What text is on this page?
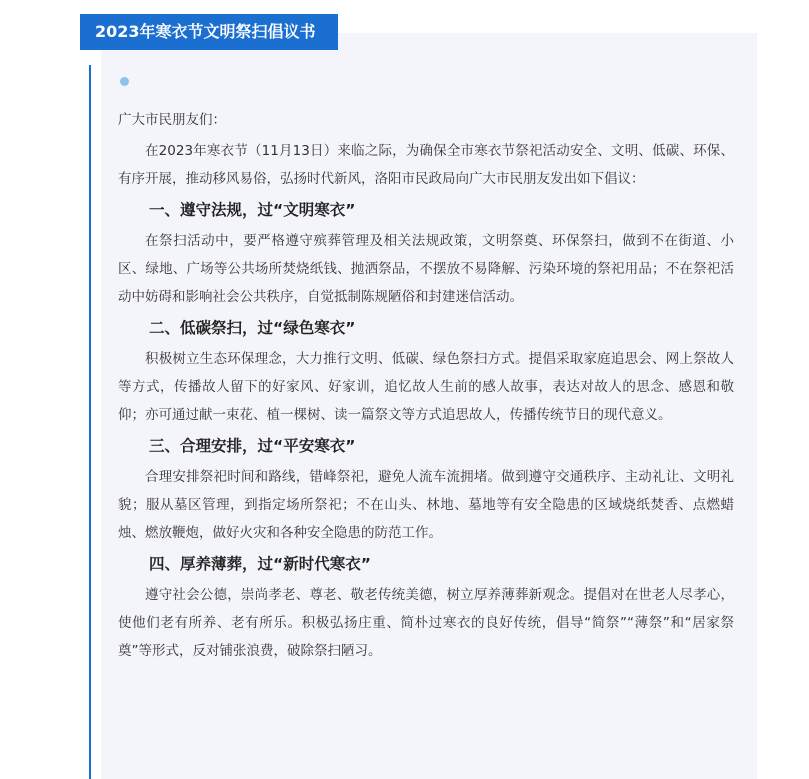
2023年寒衣节文明祭扫倡议书

广大市民朋友们：

在2023年寒衣节（11月13日）来临之际，为确保全市寒衣节祭祀活动安全、文明、低碳、环保、有序开展，推动移风易俗，弘扬时代新风，洛阳市民政局向广大市民朋友发出如下倡议：

一、遵守法规，过“文明寒衣”

在祭扫活动中，要严格遵守殡葬管理及相关法规政策，文明祭奠、环保祭扫，做到不在街道、小区、绿地、广场等公共场所焚烧纸钱、抛洒祭品，不摆放不易降解、污染环境的祭祀用品；不在祭祀活动中妨碍和影响社会公共秩序，自觉抵制陈规陋俗和封建迷信活动。

二、低碳祭扫，过“绿色寒衣”

积极树立生态环保理念，大力推行文明、低碳、绿色祭扫方式。提倡采取家庭追思会、网上祭故人等方式，传播故人留下的好家风、好家训，追忆故人生前的感人故事，表达对故人的思念、感恩和敬仰；亦可通过献一束花、植一棵树、读一篇祭文等方式追思故人，传播传统节日的现代意义。

三、合理安排，过“平安寒衣”

合理安排祭祀时间和路线，错峰祭祀，避免人流车流拥堵。做到遵守交通秩序、主动礼让、文明礼貌；服从墓区管理，到指定场所祭祀；不在山头、林地、墓地等有安全隐患的区域烧纸焚香、点燃蜡烛、燃放鞭炮，做好火灾和各种安全隐患的防范工作。

四、厚养薄葬，过“新时代寒衣”

遵守社会公德，崇尚孝老、尊老、敬老传统美德，树立厚养薄葬新观念。提倡对在世老人尽孝心，使他们老有所养、老有所乐。积极弘扬庄重、简朴过寒衣的良好传统，倡导“简祭”“薄祭”和“居家祭奠”等形式，反对铺张浪费，破除祭扫陋习。
